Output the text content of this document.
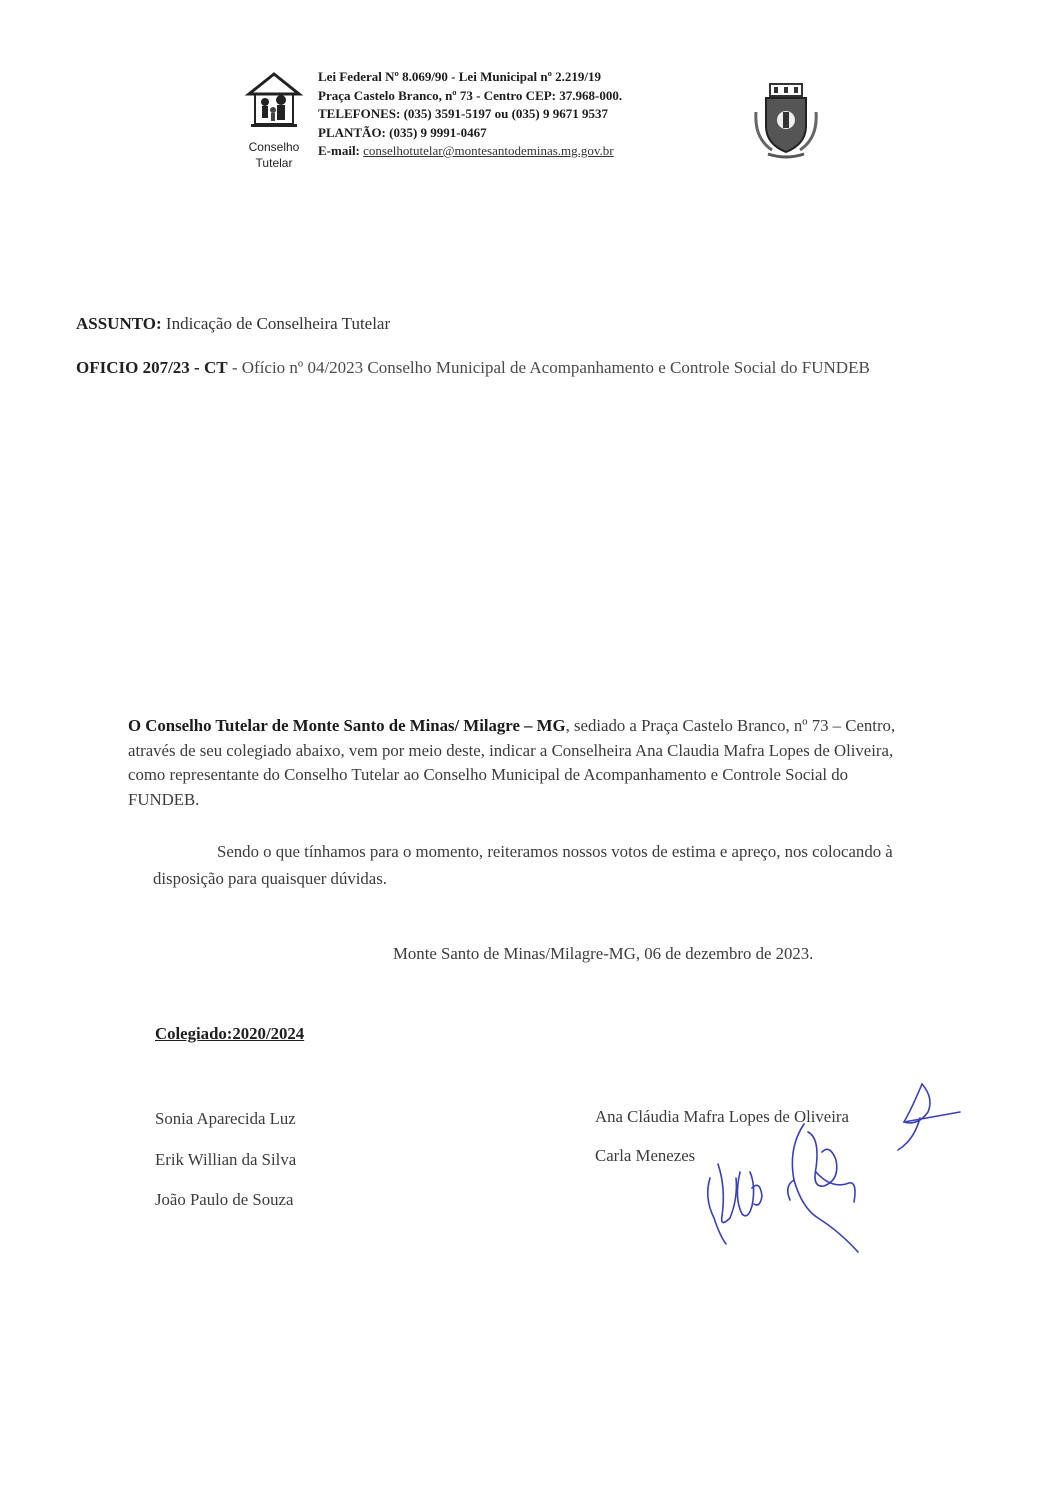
Conselho
Tutelar
Lei Federal Nº 8.069/90 - Lei Municipal nº 2.219/19
Praça Castelo Branco, nº 73 - Centro CEP: 37.968-000.
TELEFONES: (035) 3591-5197 ou (035) 9 9671 9537
PLANTÃO: (035) 9 9991-0467
E-mail: conselhotutelar@montesantodeminas.mg.gov.br
ASSUNTO: Indicação de Conselheira Tutelar
OFICIO 207/23 - CT - Ofício nº 04/2023 Conselho Municipal de Acompanhamento e Controle Social do FUNDEB
O Conselho Tutelar de Monte Santo de Minas/ Milagre – MG, sediado a Praça Castelo Branco, nº 73 – Centro, através de seu colegiado abaixo, vem por meio deste, indicar a Conselheira Ana Claudia Mafra Lopes de Oliveira, como representante do Conselho Tutelar ao Conselho Municipal de Acompanhamento e Controle Social do FUNDEB.
Sendo o que tínhamos para o momento, reiteramos nossos votos de estima e apreço, nos colocando à disposição para quaisquer dúvidas.
Monte Santo de Minas/Milagre-MG, 06 de dezembro de 2023.
Colegiado:2020/2024
Sonia Aparecida Luz
Erik Willian da Silva
João Paulo de Souza
Ana Cláudia Mafra Lopes de Oliveira
Carla Menezes
